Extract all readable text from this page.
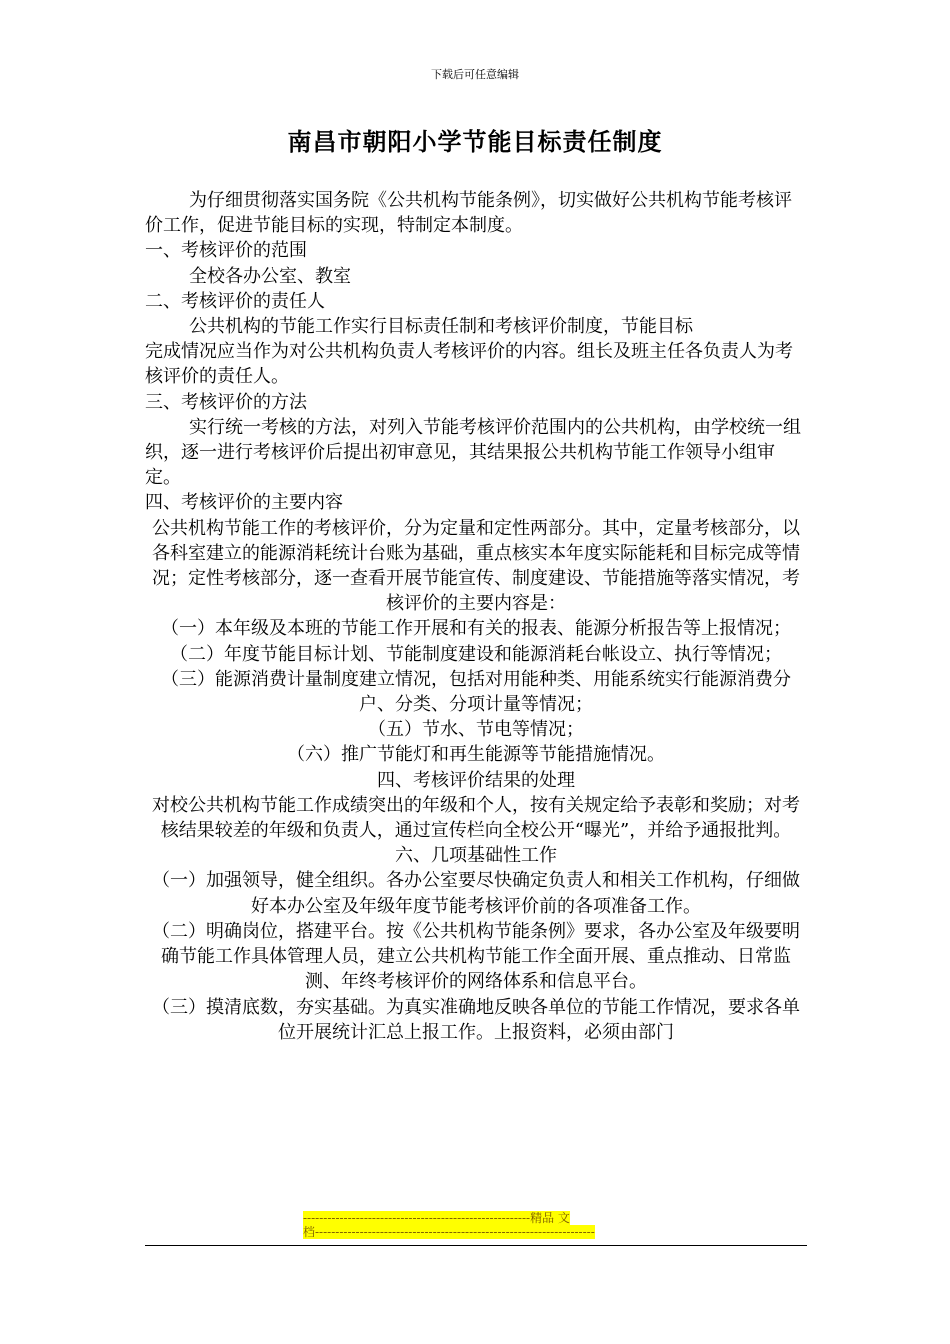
下载后可任意编辑
南昌市朝阳小学节能目标责任制度

为仔细贯彻落实国务院《公共机构节能条例》，切实做好公共机构节能考核评价工作，促进节能目标的实现，特制定本制度。

一、考核评价的范围

全校各办公室、教室

二、考核评价的责任人

公共机构的节能工作实行目标责任制和考核评价制度，节能目标

完成情况应当作为对公共机构负责人考核评价的内容。组长及班主任各负责人为考核评价的责任人。

三、考核评价的方法

实行统一考核的方法，对列入节能考核评价范围内的公共机构，由学校统一组织，逐一进行考核评价后提出初审意见，其结果报公共机构节能工作领导小组审定。

四、考核评价的主要内容

公共机构节能工作的考核评价，分为定量和定性两部分。其中，定量考核部分，以各科室建立的能源消耗统计台账为基础，重点核实本年度实际能耗和目标完成等情况；定性考核部分，逐一查看开展节能宣传、制度建设、节能措施等落实情况，考核评价的主要内容是：

（一）本年级及本班的节能工作开展和有关的报表、能源分析报告等上报情况；

（二）年度节能目标计划、节能制度建设和能源消耗台帐设立、执行等情况；

（三）能源消费计量制度建立情况，包括对用能种类、用能系统实行能源消费分户、分类、分项计量等情况；

（五）节水、节电等情况；

（六）推广节能灯和再生能源等节能措施情况。

四、考核评价结果的处理

对校公共机构节能工作成绩突出的年级和个人，按有关规定给予表彰和奖励；对考核结果较差的年级和负责人，通过宣传栏向全校公开“曝光”，并给予通报批判。

六、几项基础性工作

（一）加强领导，健全组织。各办公室要尽快确定负责人和相关工作机构，仔细做好本办公室及年级年度节能考核评价前的各项准备工作。

（二）明确岗位，搭建平台。按《公共机构节能条例》要求，各办公室及年级要明确节能工作具体管理人员，建立公共机构节能工作全面开展、重点推动、日常监测、年终考核评价的网络体系和信息平台。

（三）摸清底数，夯实基础。为真实准确地反映各单位的节能工作情况，要求各单位开展统计汇总上报工作。上报资料，必须由部门

--------------------------------------------------------精品 文
档---------------------------------------------------------------------
